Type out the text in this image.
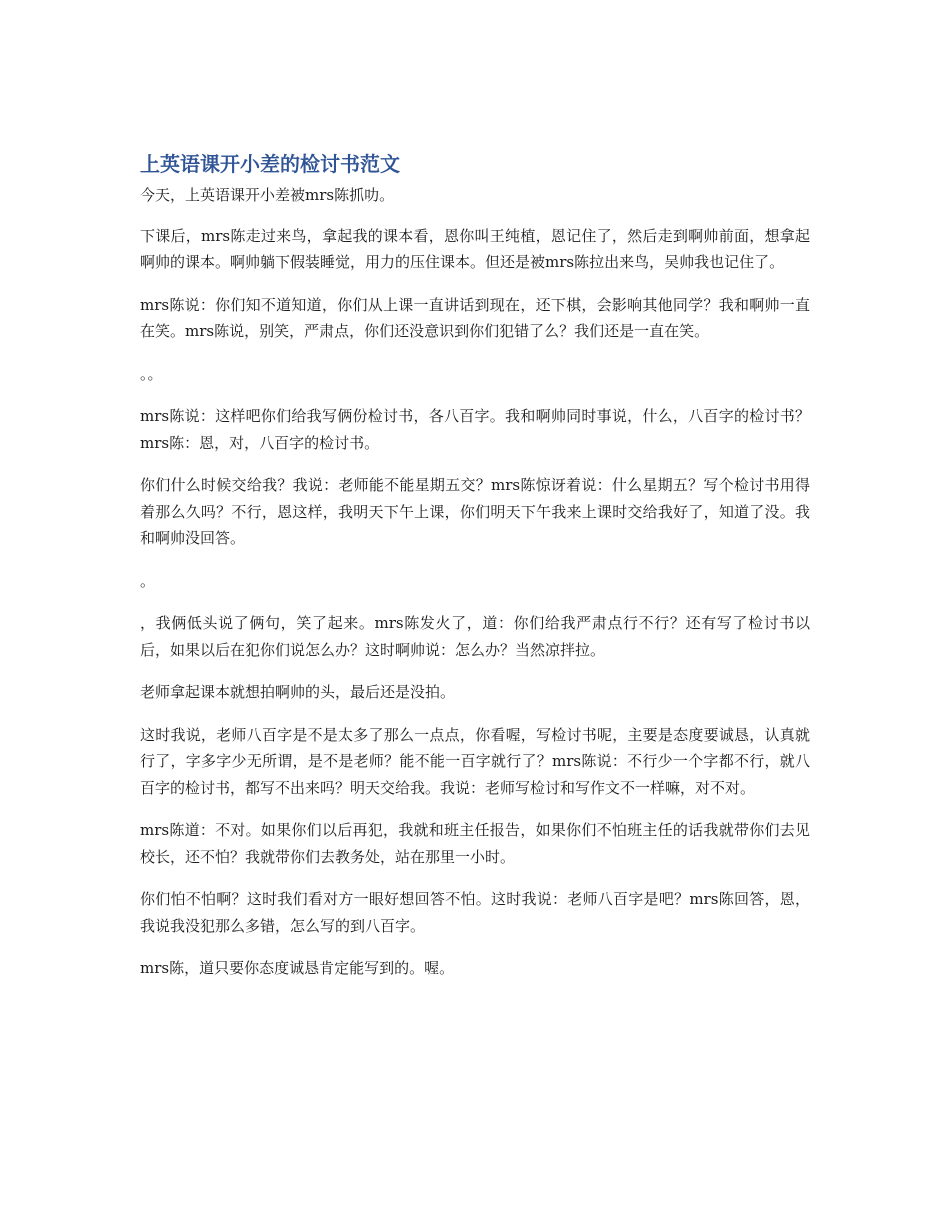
上英语课开小差的检讨书范文

今天，上英语课开小差被mrs陈抓叻。

下课后，mrs陈走过来鸟，拿起我的课本看，恩你叫王纯植，恩记住了，然后走到啊帅前面，想拿起啊帅的课本。啊帅躺下假装睡觉，用力的压住课本。但还是被mrs陈拉出来鸟，吴帅我也记住了。

mrs陈说：你们知不道知道，你们从上课一直讲话到现在，还下棋，会影响其他同学？我和啊帅一直在笑。mrs陈说，别笑，严肃点，你们还没意识到你们犯错了么？我们还是一直在笑。

。。

mrs陈说：这样吧你们给我写俩份检讨书，各八百字。我和啊帅同时事说，什么，八百字的检讨书？mrs陈：恩，对，八百字的检讨书。

你们什么时候交给我？我说：老师能不能星期五交？mrs陈惊讶着说：什么星期五？写个检讨书用得着那么久吗？不行，恩这样，我明天下午上课，你们明天下午我来上课时交给我好了，知道了没。我和啊帅没回答。

。

，我俩低头说了俩句，笑了起来。mrs陈发火了，道：你们给我严肃点行不行？还有写了检讨书以后，如果以后在犯你们说怎么办？这时啊帅说：怎么办？当然凉拌拉。

老师拿起课本就想拍啊帅的头，最后还是没拍。

这时我说，老师八百字是不是太多了那么一点点，你看喔，写检讨书呢，主要是态度要诚恳，认真就行了，字多字少无所谓，是不是老师？能不能一百字就行了？mrs陈说：不行少一个字都不行，就八百字的检讨书，都写不出来吗？明天交给我。我说：老师写检讨和写作文不一样嘛，对不对。

mrs陈道：不对。如果你们以后再犯，我就和班主任报告，如果你们不怕班主任的话我就带你们去见校长，还不怕？我就带你们去教务处，站在那里一小时。

你们怕不怕啊？这时我们看对方一眼好想回答不怕。这时我说：老师八百字是吧？mrs陈回答，恩，我说我没犯那么多错，怎么写的到八百字。

mrs陈，道只要你态度诚恳肯定能写到的。喔。
